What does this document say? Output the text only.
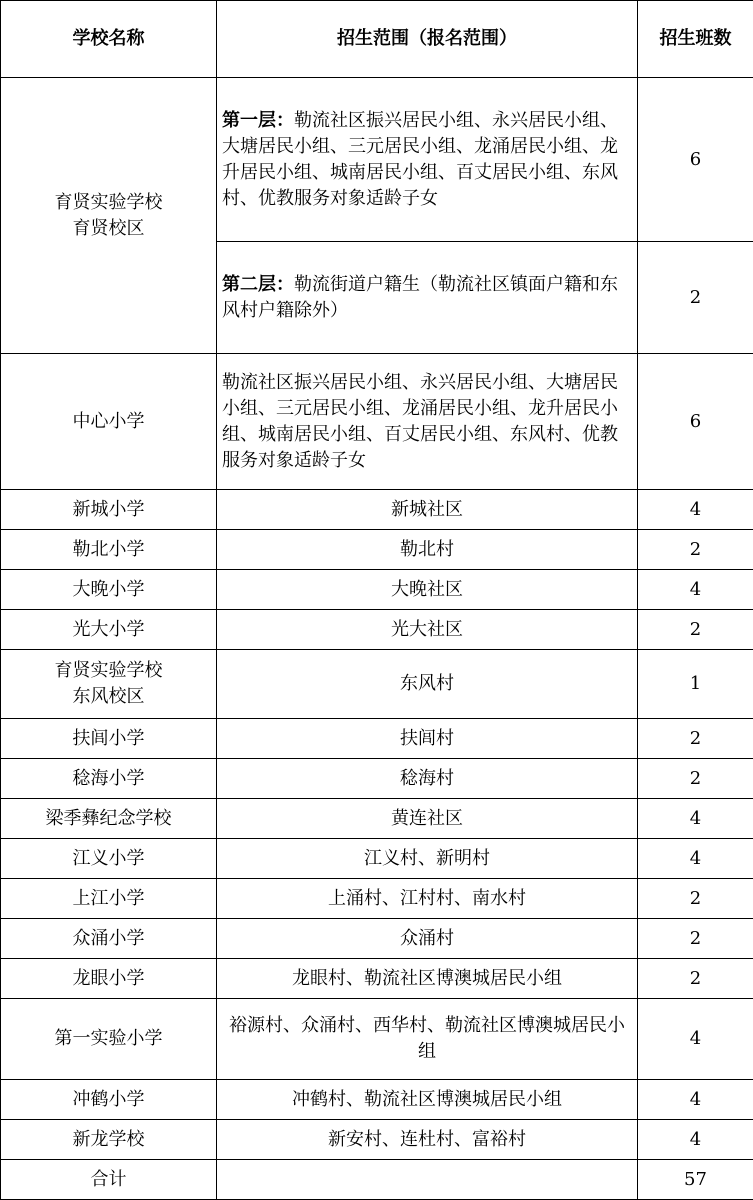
学校名称	招生范围（报名范围）	招生班数
育贤实验学校
育贤校区	第一层：勒流社区振兴居民小组、永兴居民小组、大塘居民小组、三元居民小组、龙涌居民小组、龙升居民小组、城南居民小组、百丈居民小组、东风村、优教服务对象适龄子女	6
	第二层：勒流街道户籍生（勒流社区镇面户籍和东风村户籍除外）	2
中心小学	勒流社区振兴居民小组、永兴居民小组、大塘居民小组、三元居民小组、龙涌居民小组、龙升居民小组、城南居民小组、百丈居民小组、东风村、优教服务对象适龄子女	6
新城小学	新城社区	4
勒北小学	勒北村	2
大晚小学	大晚社区	4
光大小学	光大社区	2
育贤实验学校
东风校区	东风村	1
扶闾小学	扶闾村	2
稔海小学	稔海村	2
梁季彝纪念学校	黄连社区	4
江义小学	江义村、新明村	4
上江小学	上涌村、江村村、南水村	2
众涌小学	众涌村	2
龙眼小学	龙眼村、勒流社区博澳城居民小组	2
第一实验小学	裕源村、众涌村、西华村、勒流社区博澳城居民小组	4
冲鹤小学	冲鹤村、勒流社区博澳城居民小组	4
新龙学校	新安村、连杜村、富裕村	4
合计		57
